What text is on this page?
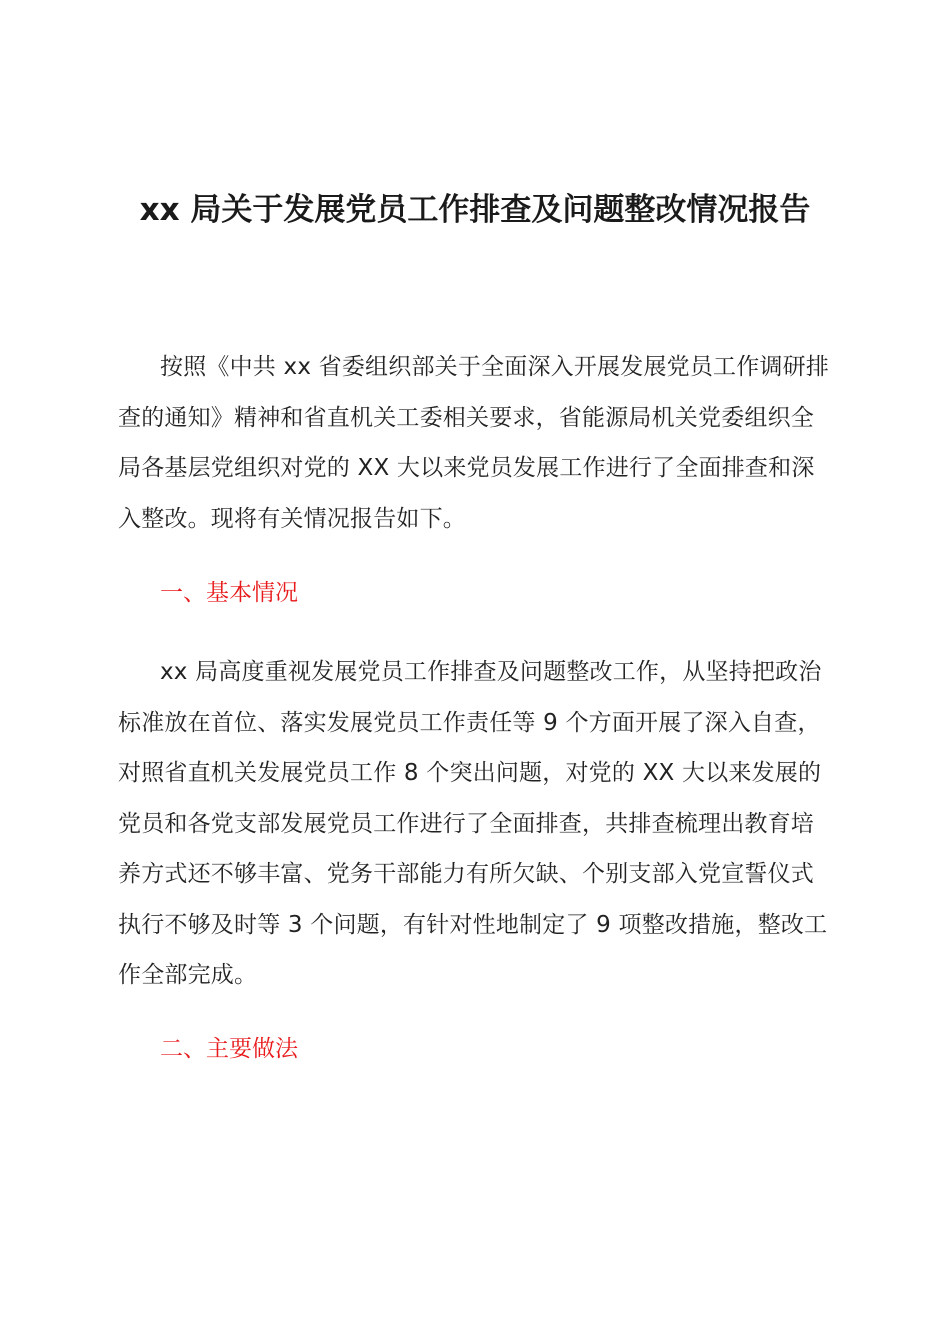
xx 局关于发展党员工作排查及问题整改情况报告

按照《中共 xx 省委组织部关于全面深入开展发展党员工作调研排查的通知》精神和省直机关工委相关要求，省能源局机关党委组织全局各基层党组织对党的 XX 大以来党员发展工作进行了全面排查和深入整改。现将有关情况报告如下。

一、基本情况

xx 局高度重视发展党员工作排查及问题整改工作，从坚持把政治标准放在首位、落实发展党员工作责任等 9 个方面开展了深入自查，对照省直机关发展党员工作 8 个突出问题，对党的 XX 大以来发展的党员和各党支部发展党员工作进行了全面排查，共排查梳理出教育培养方式还不够丰富、党务干部能力有所欠缺、个别支部入党宣誓仪式执行不够及时等 3 个问题，有针对性地制定了 9 项整改措施，整改工作全部完成。

二、主要做法
